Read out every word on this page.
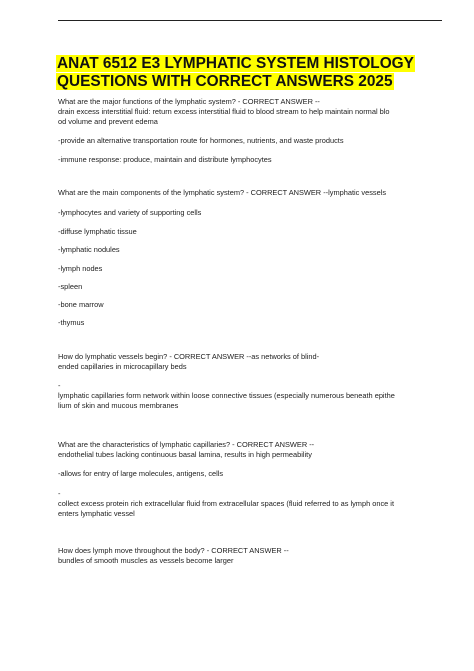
ANAT 6512 E3 LYMPHATIC SYSTEM HISTOLOGY
QUESTIONS WITH CORRECT ANSWERS 2025
What are the major functions of the lymphatic system? - CORRECT ANSWER --
drain excess interstitial fluid: return excess interstitial fluid to blood stream to help maintain normal blo
od volume and prevent edema
-provide an alternative transportation route for hormones, nutrients, and waste products
-immune response: produce, maintain and distribute lymphocytes
What are the main components of the lymphatic system? - CORRECT ANSWER --lymphatic vessels
-lymphocytes and variety of supporting cells
-diffuse lymphatic tissue
-lymphatic nodules
-lymph nodes
-spleen
-bone marrow
-thymus
How do lymphatic vessels begin? - CORRECT ANSWER --as networks of blind-
ended capillaries in microcapillary beds
-
lymphatic capillaries form network within loose connective tissues (especially numerous beneath epithe
lium of skin and mucous membranes
What are the characteristics of lymphatic capillaries? - CORRECT ANSWER --
endothelial tubes lacking continuous basal lamina, results in high permeability
-allows for entry of large molecules, antigens, cells
-
collect excess protein rich extracellular fluid from extracellular spaces (fluid referred to as lymph once it
enters lymphatic vessel
How does lymph move throughout the body? - CORRECT ANSWER --
bundles of smooth muscles as vessels become larger
